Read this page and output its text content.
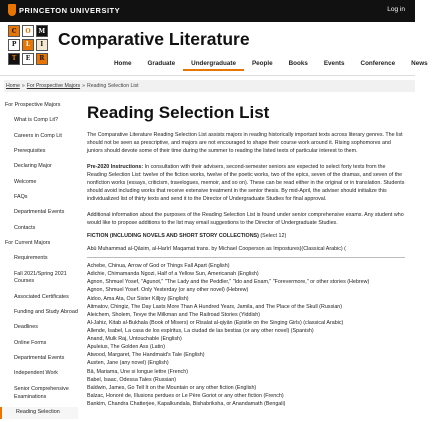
PRINCETON UNIVERSITY	Log in
C	O	M
P	L	I
T	E	R
Comparative Literature
Home	Graduate	Undergraduate	People	Books	Events	Conference	News
Home » For Prospective Majors » Reading Selection List
For Prospective Majors
What is Comp Lit?
Careers in Comp Lit
Prerequisites
Declaring Major
Welcome
FAQs
Departmental Events
Contacts
For Current Majors
Requirements
Fall 2021/Spring 2021 Courses
Associated Certificates
Funding and Study Abroad
Deadlines
Online Forms
Departmental Events
Independent Work
Senior Comprehensive Examinations
Reading Selection
Reading Selection List

The Comparative Literature Reading Selection List assists majors in reading historically important texts across literary genres. The list should not be seen as prescriptive, and majors are not encouraged to shape their course work around it. Rising sophomores and juniors should devote some of their time during the summer to reading the listed texts of particular interest to them.

Pre-2020 Instructions: In consultation with their advisers, second-semester seniors are expected to select forty texts from the Reading Selection List: twelve of the fiction works, twelve of the poetic works, two of the epics, seven of the dramas, and seven of the nonfiction works (essays, criticism, travelogues, memoir, and so on). These can be read either in the original or in translation. Students should avoid including works that receive extensive treatment in the senior thesis. By mid-April, the adviser should initialize this individualized list of thirty texts and send it to the Director of Undergraduate Studies for final approval.

Additional information about the purposes of the Reading Selection List is found under senior comprehensive exams. Any student who would like to propose additions to the list may email suggestions to the Director of Undergraduate Studies.

FICTION (INCLUDING NOVELS AND SHORT STORY COLLECTIONS) (Select 12)
Abū Muhammad al-Qāsim, al-Harīrī Maqamat trans. by Michael Cooperson as Impostures)(Classical Arabic) (
Achebe, Chinua, Arrow of God or Things Fall Apart (English)
Adichie, Chimamanda Ngozi, Half of a Yellow Sun, Americanah (English)
Agnon, Shmuel Yosef, "Agunot," "The Lady and the Peddler," "Ido and Enam," "Forevermore," or other stories (Hebrew)
Agnon, Shmuel Yosef. Only Yesterday (or any other novel) (Hebrew)
Aidoo, Ama Ata, Our Sister Killjoy (English)
Aitmatov, Chingiz, The Day Lasts More Than A Hundred Years, Jamila, and The Place of the Skull (Russian)
Aleichem, Sholem, Tevye the Milkman and The Railroad Stories (Yiddish)
Al-Jahiz, Kitab al-Bukhala (Book of Misers) or Risalat al-qiyān (Epistle on the Singing Girls) (classical Arabic)
Allende, Isabel, La casa de los espíritus, La ciudad de las bestias (or any other novel) (Spanish)
Anand, Mulk Raj, Untouchable (English)
Apuleius, The Golden Ass (Latin)
Atwood, Margaret, The Handmaid's Tale (English)
Austen, Jane (any novel) (English)
Bâ, Mariama, Une si longue lettre (French)
Babel, Isaac, Odessa Tales (Russian)
Baldwin, James, Go Tell It on the Mountain or any other fiction (English)
Balzac, Honoré de, Illusions perdues or Le Père Goriot or any other fiction (French)
Bankim, Chandra Chatterjee, Kapalkundala, Bishabriksha, or Anandamath (Bengali)
